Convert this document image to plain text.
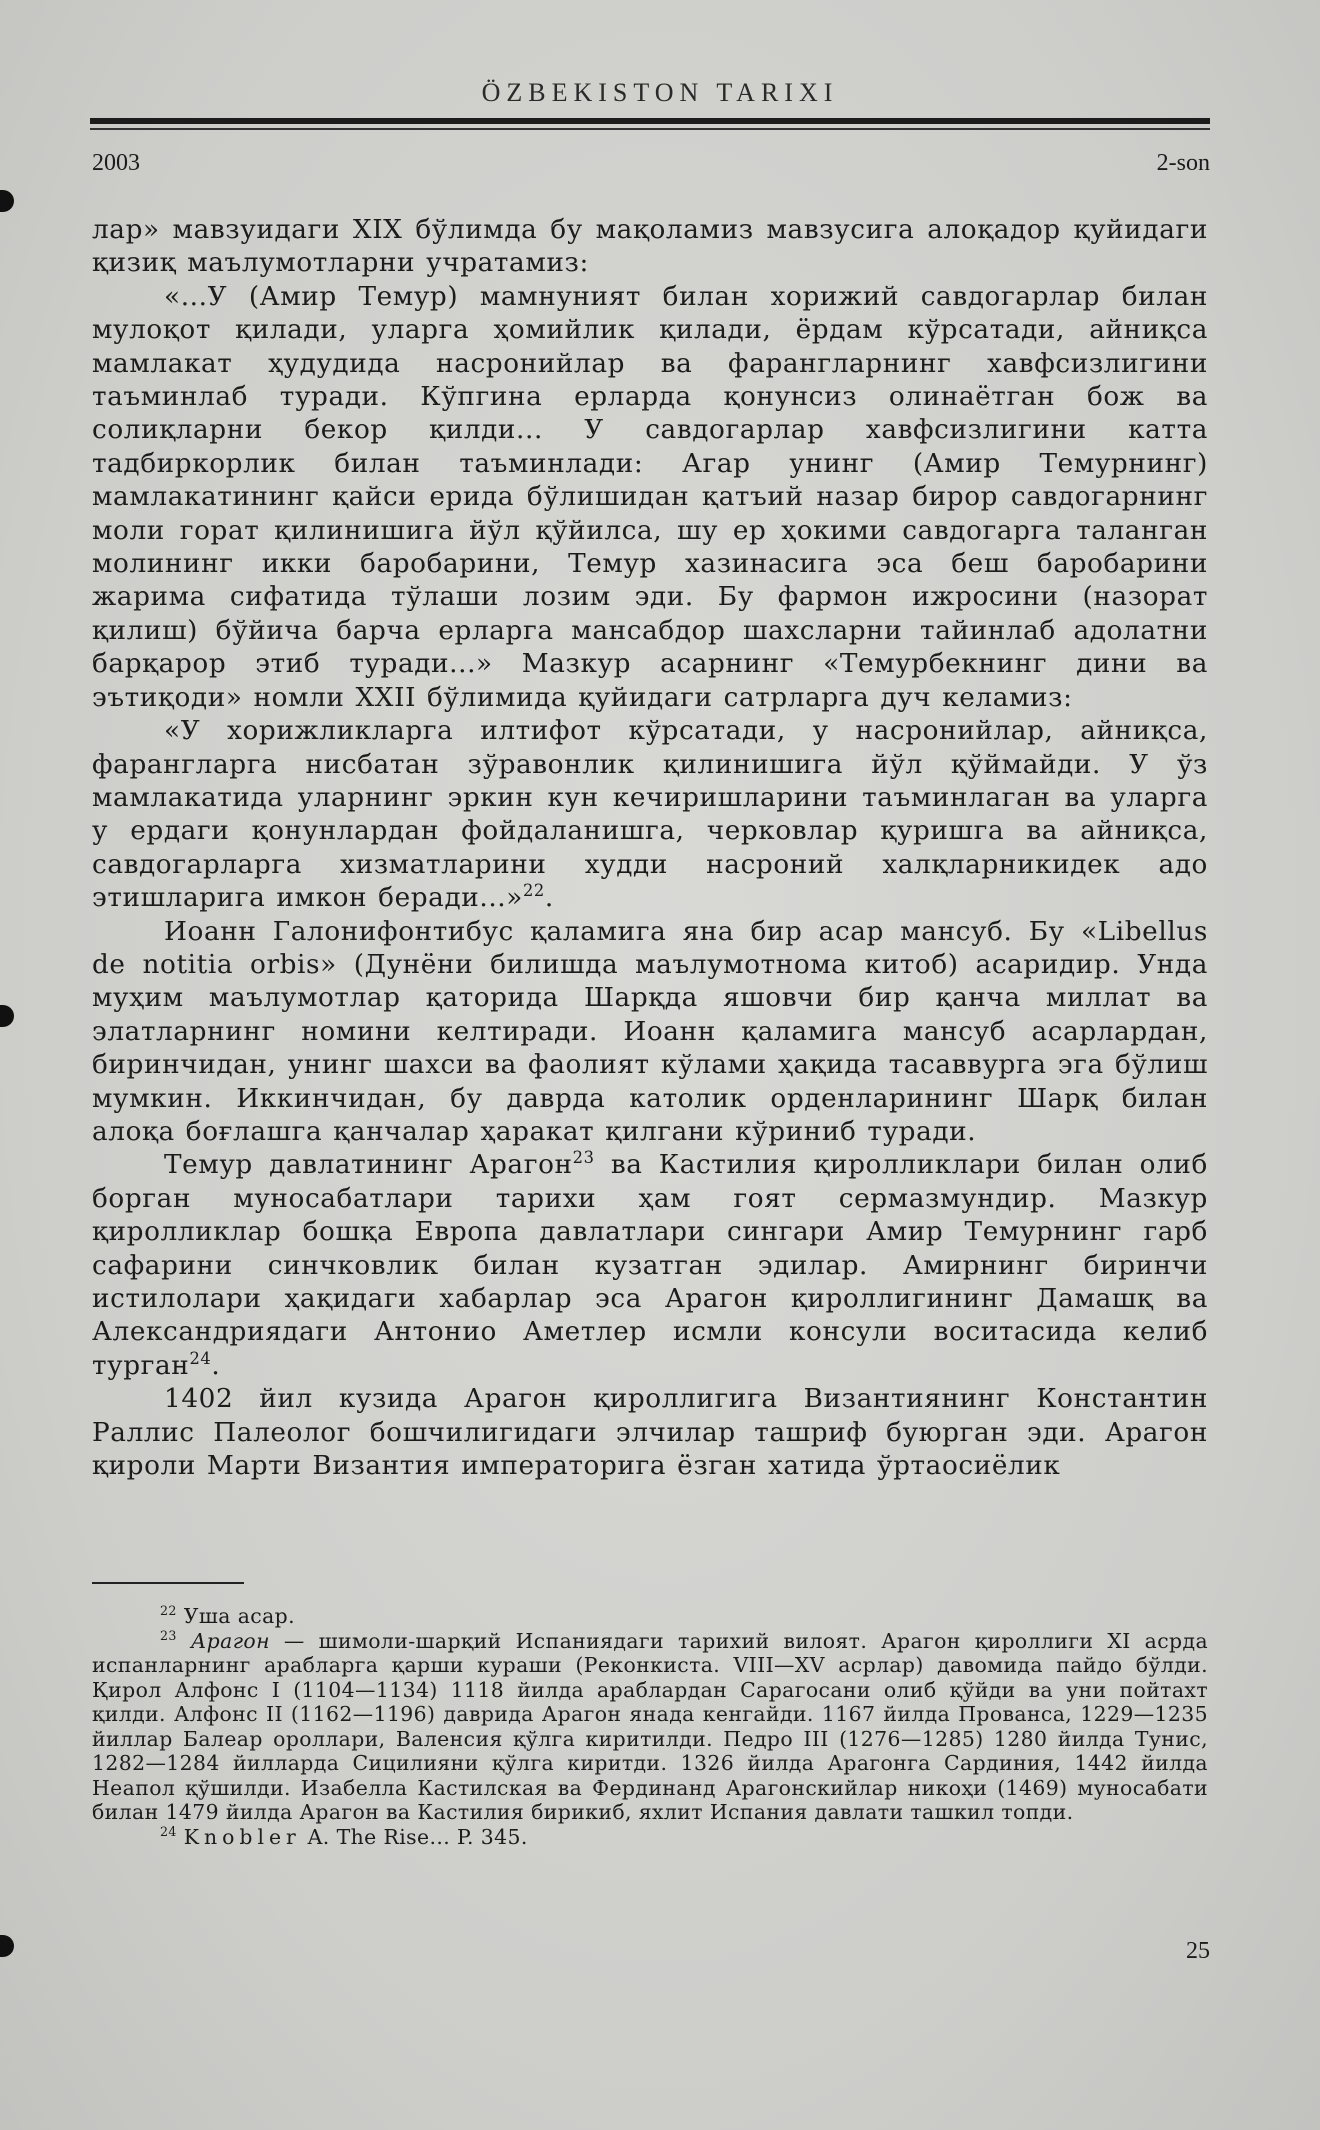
ÖZBEKISTON TARIXI
2003	2-son

лар» мавзуидаги XIX бўлимда бу мақоламиз мавзусига алоқадор қуйидаги қизиқ маълумотларни учратамиз:

«...У (Амир Темур) мамнуният билан хорижий савдогарлар билан мулоқот қилади, уларга ҳомийлик қилади, ёрдам кўрсатади, айниқса мамлакат ҳудудида насронийлар ва фарангларнинг хавфсизлигини таъминлаб туради. Кўпгина ерларда қонунсиз олинаётган бож ва солиқларни бекор қилди... У савдогарлар хавфсизлигини катта тадбиркорлик билан таъминлади: Агар унинг (Амир Темурнинг) мамлакатининг қайси ерида бўлишидан қатъий назар бирор савдогарнинг моли горат қилинишига йўл қўйилса, шу ер ҳокими савдогарга таланган молининг икки баробарини, Темур хазинасига эса беш баробарини жарима сифатида тўлаши лозим эди. Бу фармон ижросини (назорат қилиш) бўйича барча ерларга мансабдор шахсларни тайинлаб адолатни барқарор этиб туради...» Мазкур асарнинг «Темурбекнинг дини ва эътиқоди» номли XXII бўлимида қуйидаги сатрларга дуч келамиз:

«У хорижликларга илтифот кўрсатади, у насронийлар, айниқса, фарангларга нисбатан зўравонлик қилинишига йўл қўймайди. У ўз мамлакатида уларнинг эркин кун кечиришларини таъминлаган ва уларга у ердаги қонунлардан фойдаланишга, черковлар қуришга ва айниқса, савдогарларга хизматларини худди насроний халқларникидек адо этишларига имкон беради...»$^{22}$.

Иоанн Галонифонтибус қаламига яна бир асар мансуб. Бу «Libellus de notitia orbis» (Дунёни билишда маълумотнома китоб) асаридир. Унда муҳим маълумотлар қаторида Шарқда яшовчи бир қанча миллат ва элатларнинг номини келтиради. Иоанн қаламига мансуб асарлардан, биринчидан, унинг шахси ва фаолият кўлами ҳақида тасаввурга эга бўлиш мумкин. Иккинчидан, бу даврда католик орденларининг Шарқ билан алоқа боғлашга қанчалар ҳаракат қилгани кўриниб туради.

Темур давлатининг Арагон$^{23}$ ва Кастилия қиролликлари билан олиб борган муносабатлари тарихи ҳам гоят сермазмундир. Мазкур қиролликлар бошқа Европа давлатлари сингари Амир Темурнинг гарб сафарини синчковлик билан кузатган эдилар. Амирнинг биринчи истилолари ҳақидаги хабарлар эса Арагон қироллигининг Дамашқ ва Александриядаги Антонио Аметлер исмли консули воситасида келиб турган$^{24}$.

1402 йил кузида Арагон қироллигига Византиянинг Константин Раллис Палеолог бошчилигидаги элчилар ташриф буюрган эди. Арагон қироли Марти Византия императорига ёзган хатида ўртаосиёлик

$^{22}$ Уша асар.

$^{23}$ Арагон — шимоли-шарқий Испаниядаги тарихий вилоят. Арагон қироллиги XI асрда испанларнинг арабларга қарши кураши (Реконкиста. VIII—XV асрлар) давомида пайдо бўлди. Қирол Алфонс I (1104—1134) 1118 йилда араблардан Сарагосани олиб қўйди ва уни пойтахт қилди. Алфонс II (1162—1196) даврида Арагон янада кенгайди. 1167 йилда Прованса, 1229—1235 йиллар Балеар ороллари, Валенсия қўлга киритилди. Педро III (1276—1285) 1280 йилда Тунис, 1282—1284 йилларда Сицилияни қўлга киритди. 1326 йилда Арагонга Сардиния, 1442 йилда Неапол қўшилди. Изабелла Кастилская ва Фердинанд Арагонскийлар никоҳи (1469) муносабати билан 1479 йилда Арагон ва Кастилия бирикиб, яхлит Испания давлати ташкил топди.

$^{24}$ Knobler A. The Rise... P. 345.

25
